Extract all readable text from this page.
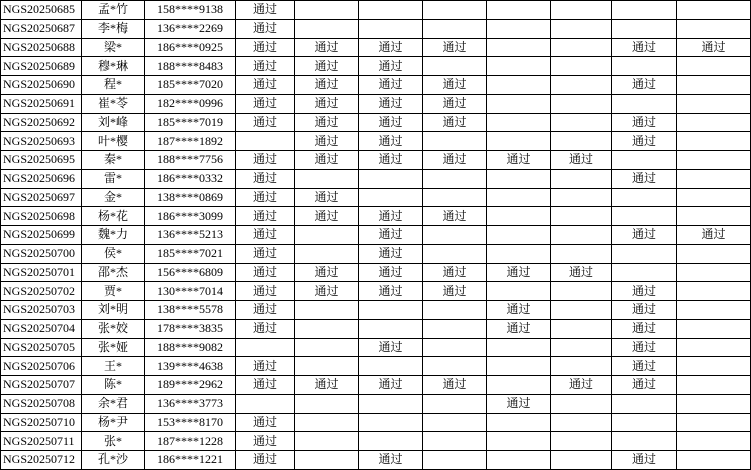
NGS20250685	孟*竹	158****9138	通过							
NGS20250687	李*梅	136****2269	通过							
NGS20250688	梁*	186****0925	通过	通过	通过	通过			通过	通过
NGS20250689	穆*琳	188****8483	通过	通过	通过					
NGS20250690	程*	185****7020	通过	通过	通过	通过			通过	
NGS20250691	崔*苓	182****0996	通过	通过	通过	通过				
NGS20250692	刘*峰	185****7019	通过	通过	通过	通过			通过	
NGS20250693	叶*樱	187****1892		通过	通过				通过	
NGS20250695	秦*	188****7756	通过	通过	通过	通过	通过	通过		
NGS20250696	雷*	186****0332	通过						通过	
NGS20250697	金*	138****0869	通过	通过						
NGS20250698	杨*花	186****3099	通过	通过	通过	通过				
NGS20250699	魏*力	136****5213	通过		通过				通过	通过
NGS20250700	侯*	185****7021	通过		通过					
NGS20250701	邵*杰	156****6809	通过	通过	通过	通过	通过	通过		
NGS20250702	贾*	130****7014	通过	通过	通过	通过			通过	
NGS20250703	刘*明	138****5578	通过				通过		通过	
NGS20250704	张*姣	178****3835	通过				通过		通过	
NGS20250705	张*娅	188****9082			通过				通过	
NGS20250706	王*	139****4638	通过						通过	
NGS20250707	陈*	189****2962	通过	通过	通过	通过		通过	通过	
NGS20250708	余*君	136****3773					通过			
NGS20250710	杨*尹	153****8170	通过							
NGS20250711	张*	187****1228	通过							
NGS20250712	孔*沙	186****1221	通过		通过				通过	
